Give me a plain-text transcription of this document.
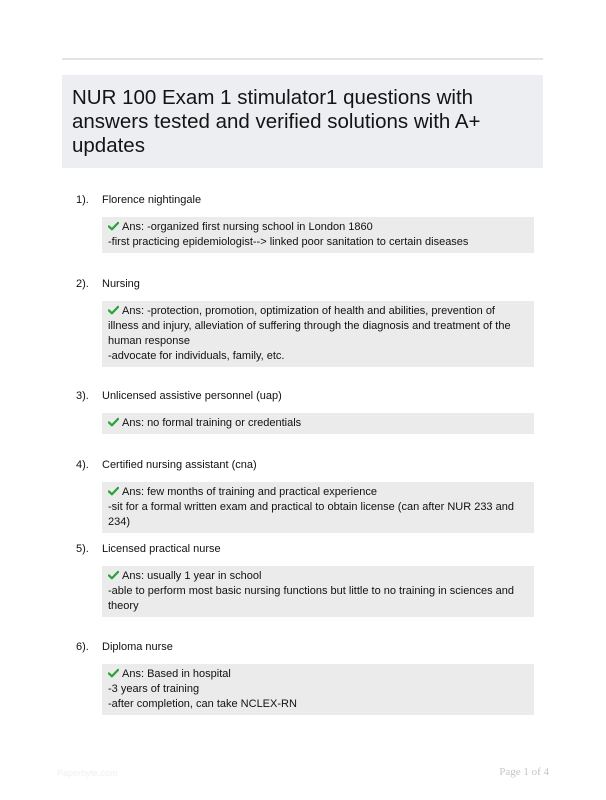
NUR 100 Exam 1 stimulator1 questions with answers tested and verified solutions with A+ updates
1). Florence nightingale
Ans: -organized first nursing school in London 1860
-first practicing epidemiologist--> linked poor sanitation to certain diseases
2). Nursing
Ans: -protection, promotion, optimization of health and abilities, prevention of illness and injury, alleviation of suffering through the diagnosis and treatment of the human response
-advocate for individuals, family, etc.
3). Unlicensed assistive personnel (uap)
Ans: no formal training or credentials
4). Certified nursing assistant (cna)
Ans: few months of training and practical experience
-sit for a formal written exam and practical to obtain license (can after NUR 233 and 234)
5). Licensed practical nurse
Ans: usually 1 year in school
-able to perform most basic nursing functions but little to no training in sciences and theory
6). Diploma nurse
Ans: Based in hospital
-3 years of training
-after completion, can take NCLEX-RN
Paperbyte.com	Page 1 of 4
